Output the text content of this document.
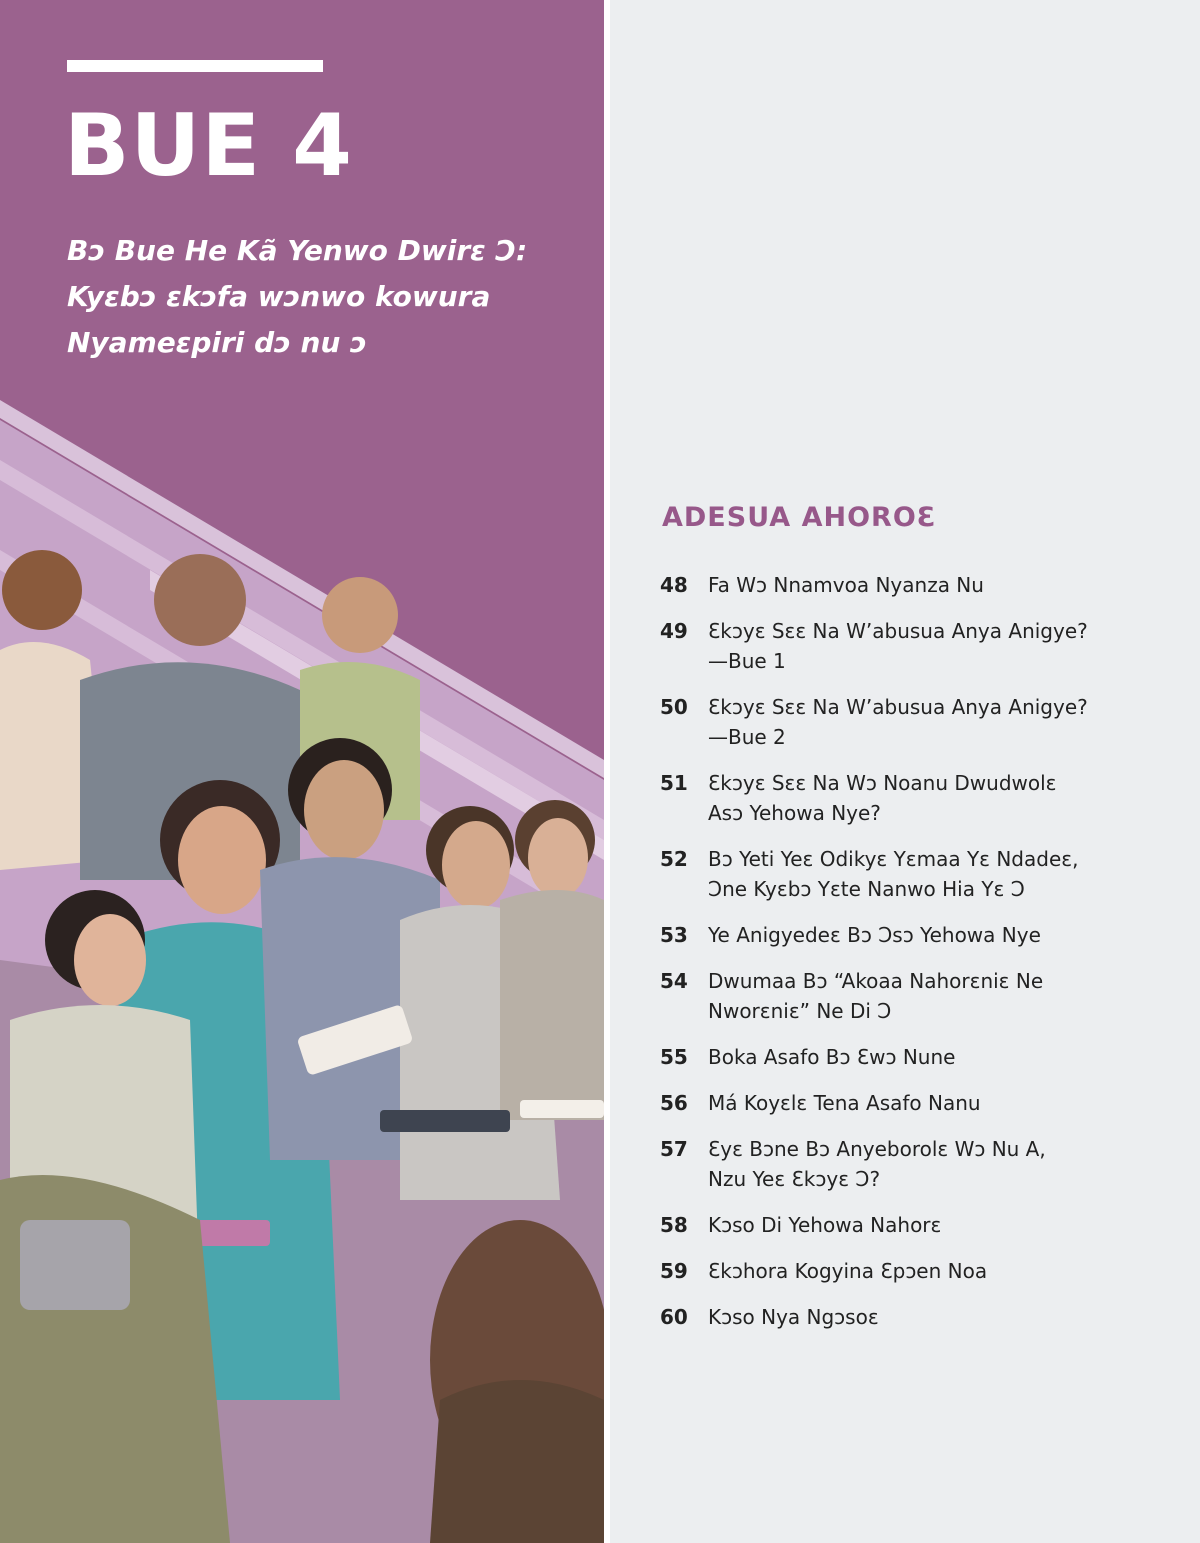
BUE 4

Bɔ Bue He Kã Yenwo Dwirɛ Ɔ: Kyɛbɔ ɛkɔfa wɔnwo kowura Nyameɛpiri dɔ nu ɔ

ADESUA AHOROƐ
48	Fa Wɔ Nnamvoa Nyanza Nu
49	Ɛkɔyɛ Sɛɛ Na W’abusua Anya Anigye?
—Bue 1
50	Ɛkɔyɛ Sɛɛ Na W’abusua Anya Anigye?
—Bue 2
51	Ɛkɔyɛ Sɛɛ Na Wɔ Noanu Dwudwolɛ
Asɔ Yehowa Nye?
52	Bɔ Yeti Yeɛ Odikyɛ Yɛmaa Yɛ Ndadeɛ,
Ɔne Kyɛbɔ Yɛte Nanwo Hia Yɛ Ɔ
53	Ye Anigyedeɛ Bɔ Ɔsɔ Yehowa Nye
54	Dwumaa Bɔ “Akoaa Nahorɛniɛ Ne
Nworɛniɛ” Ne Di Ɔ
55	Boka Asafo Bɔ Ɛwɔ Nune
56	Má Koyɛlɛ Tena Asafo Nanu
57	Ɛyɛ Bɔne Bɔ Anyeborolɛ Wɔ Nu A,
Nzu Yeɛ Ɛkɔyɛ Ɔ?
58	Kɔso Di Yehowa Nahorɛ
59	Ɛkɔhora Kogyina Ɛpɔen Noa
60	Kɔso Nya Ngɔsoɛ
